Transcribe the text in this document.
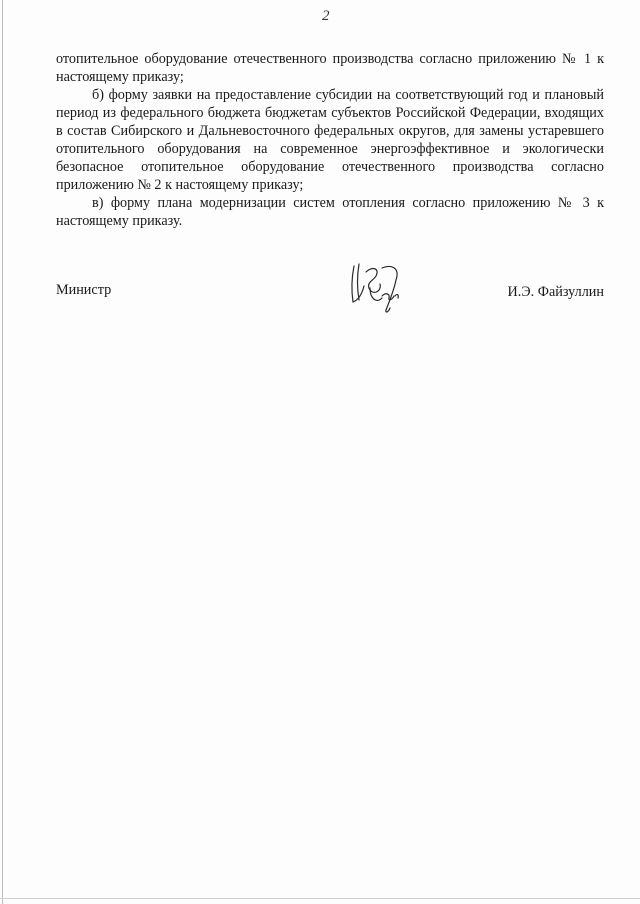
2

отопительное оборудование отечественного производства согласно приложению № 1 к настоящему приказу;

б) форму заявки на предоставление субсидии на соответствующий год и плановый период из федерального бюджета бюджетам субъектов Российской Федерации, входящих в состав Сибирского и Дальневосточного федеральных округов, для замены устаревшего отопительного оборудования на современное энергоэффективное и экологически безопасное отопительное оборудование отечественного производства согласно приложению № 2 к настоящему приказу;

в) форму плана модернизации систем отопления согласно приложению № 3 к настоящему приказу.

Министр	И.Э. Файзуллин
